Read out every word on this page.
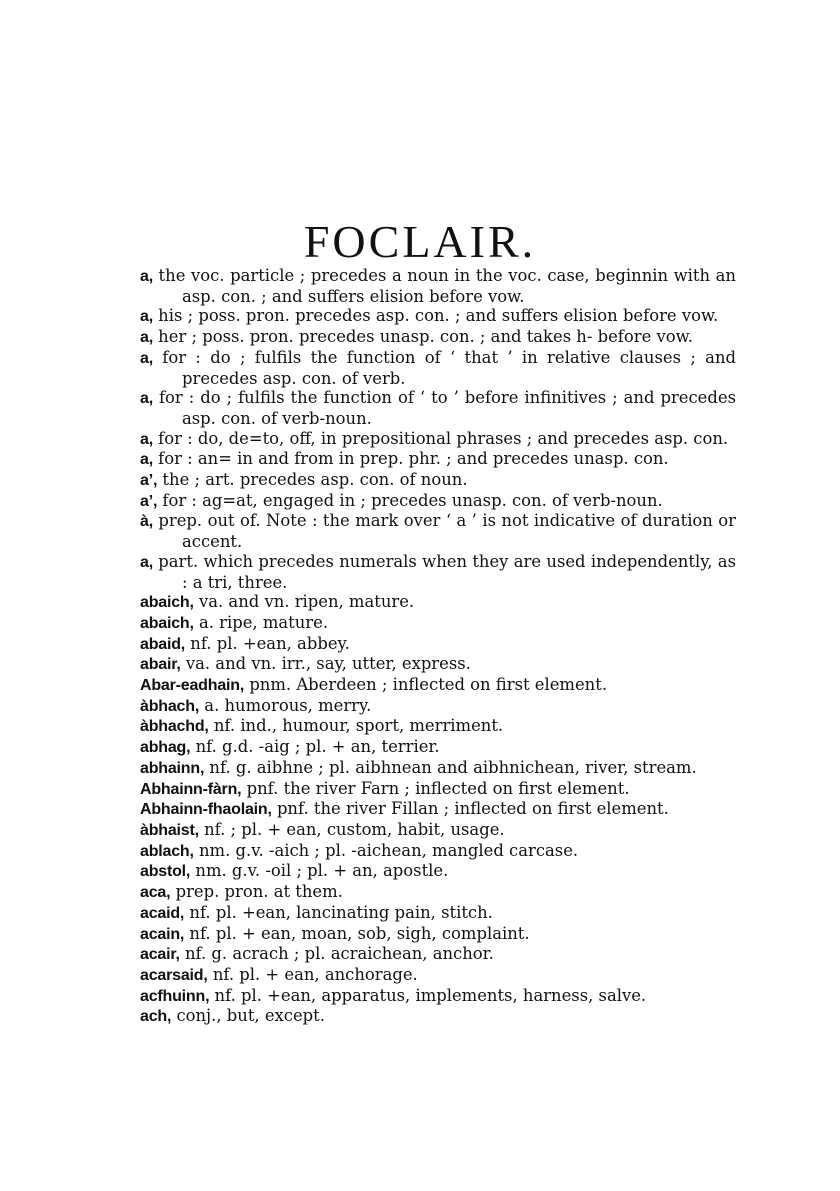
FOCLAIR.
a , the voc. particle ; precedes a noun in the voc. case, beginnin with an asp. con. ; and suffers elision before vow.
a , his ; poss. pron. precedes asp. con. ; and suffers elision before vow.
a , her ; poss. pron. precedes unasp. con. ; and takes h- before vow.
a , for : do ; fulfils the function of ‘ that ’ in relative clauses ; and precedes asp. con. of verb.
a , for : do ; fulfils the function of ‘ to ’ before infinitives ; and precedes asp. con. of verb-noun.
a , for : do, de=to, off, in prepositional phrases ; and precedes asp. con.
a , for : an= in and from in prep. phr. ; and precedes unasp. con.
a’ , the ; art. precedes asp. con. of noun.
a’ , for : ag=at, engaged in ; precedes unasp. con. of verb-noun.
à , prep. out of. Note : the mark over ‘ a ’ is not indicative of duration or accent.
a , part. which precedes numerals when they are used independently, as : a tri, three.
abaich , va. and vn. ripen, mature.
abaich , a. ripe, mature.
abaid , nf. pl. +ean, abbey.
abair , va. and vn. irr., say, utter, express.
Abar-eadhain , pnm. Aberdeen ; inflected on first element.
àbhach , a. humorous, merry.
àbhachd , nf. ind., humour, sport, merriment.
abhag , nf. g.d. -aig ; pl. + an, terrier.
abhainn , nf. g. aibhne ; pl. aibhnean and aibhnichean, river, stream.
Abhainn-fàrn , pnf. the river Farn ; inflected on first element.
Abhainn-fhaolain , pnf. the river Fillan ; inflected on first element.
àbhaist , nf. ; pl. + ean, custom, habit, usage.
ablach , nm. g.v. -aich ; pl. -aichean, mangled carcase.
abstol , nm. g.v. -oil ; pl. + an, apostle.
aca , prep. pron. at them.
acaid , nf. pl. +ean, lancinating pain, stitch.
acain , nf. pl. + ean, moan, sob, sigh, complaint.
acair , nf. g. acrach ; pl. acraichean, anchor.
acarsaid , nf. pl. + ean, anchorage.
acfhuinn , nf. pl. +ean, apparatus, implements, harness, salve.
ach , conj., but, except.
